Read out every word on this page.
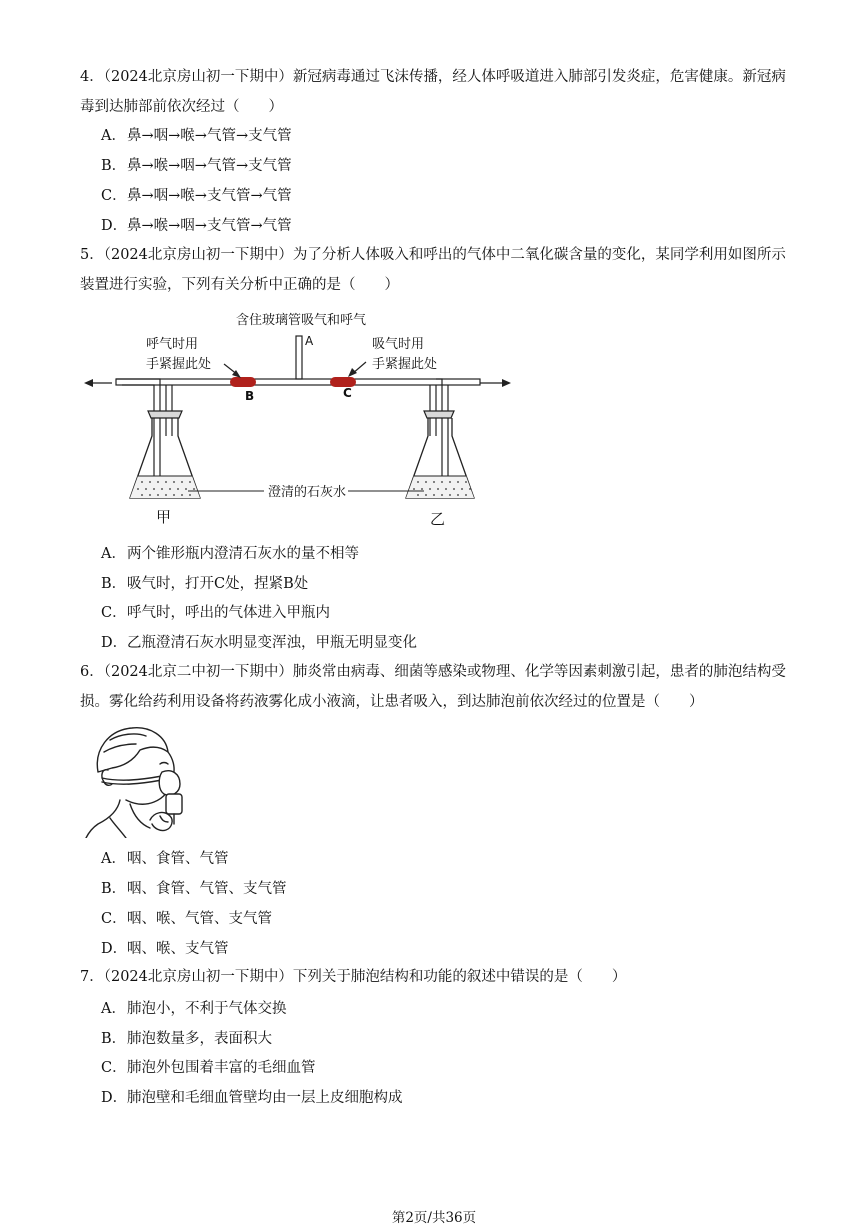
4．（2024北京房山初一下期中）新冠病毒通过飞沫传播，经人体呼吸道进入肺部引发炎症，危害健康。新冠病毒到达肺部前依次经过（　　）

A．鼻→咽→喉→气管→支气管
B．鼻→喉→咽→气管→支气管
C．鼻→咽→喉→支气管→气管
D．鼻→喉→咽→支气管→气管

5．（2024北京房山初一下期中）为了分析人体吸入和呼出的气体中二氧化碳含量的变化，某同学利用如图所示装置进行实验，下列有关分析中正确的是（　　）

含住玻璃管吸气和呼气
A
呼气时用
手紧握此处
吸气时用
手紧握此处
B	C
澄清的石灰水
甲	乙
A．两个锥形瓶内澄清石灰水的量不相等
B．吸气时，打开C处，捏紧B处
C．呼气时，呼出的气体进入甲瓶内
D．乙瓶澄清石灰水明显变浑浊，甲瓶无明显变化

6．（2024北京二中初一下期中）肺炎常由病毒、细菌等感染或物理、化学等因素刺激引起，患者的肺泡结构受损。雾化给药利用设备将药液雾化成小液滴，让患者吸入，到达肺泡前依次经过的位置是（　　）

A．咽、食管、气管
B．咽、食管、气管、支气管
C．咽、喉、气管、支气管
D．咽、喉、支气管

7．（2024北京房山初一下期中）下列关于肺泡结构和功能的叙述中错误的是（　　）

A．肺泡小，不利于气体交换
B．肺泡数量多，表面积大
C．肺泡外包围着丰富的毛细血管
D．肺泡壁和毛细血管壁均由一层上皮细胞构成
第2页/共36页
